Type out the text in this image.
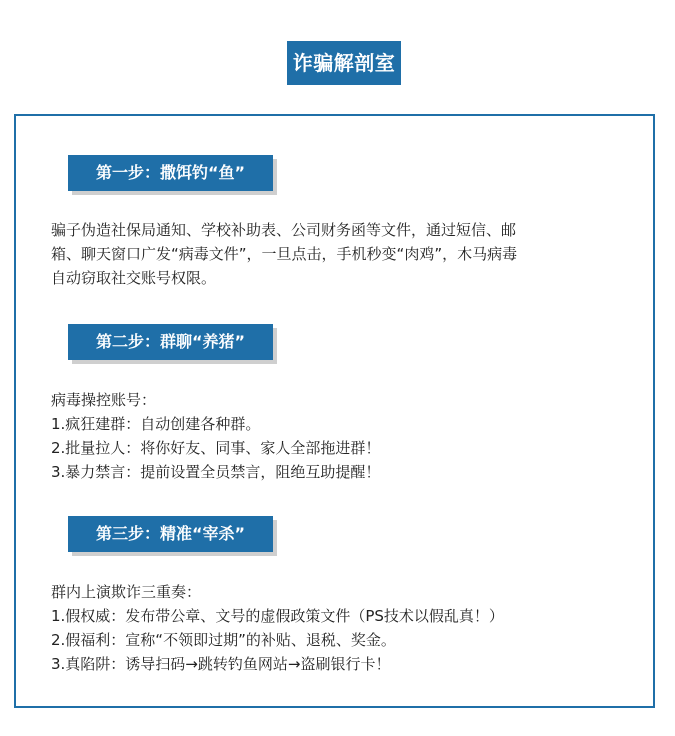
诈骗解剖室
第一步：撒饵钓“鱼”
骗子伪造社保局通知、学校补助表、公司财务函等文件，通过短信、邮
箱、聊天窗口广发“病毒文件”，一旦点击，手机秒变“肉鸡”，木马病毒
自动窃取社交账号权限。
第二步：群聊“养猪”
病毒操控账号：
1.疯狂建群：自动创建各种群。
2.批量拉人：将你好友、同事、家人全部拖进群！
3.暴力禁言：提前设置全员禁言，阻绝互助提醒！
第三步：精准“宰杀”
群内上演欺诈三重奏：
1.假权威：发布带公章、文号的虚假政策文件（PS技术以假乱真！）
2.假福利：宣称“不领即过期”的补贴、退税、奖金。
3.真陷阱：诱导扫码→跳转钓鱼网站→盗刷银行卡！
